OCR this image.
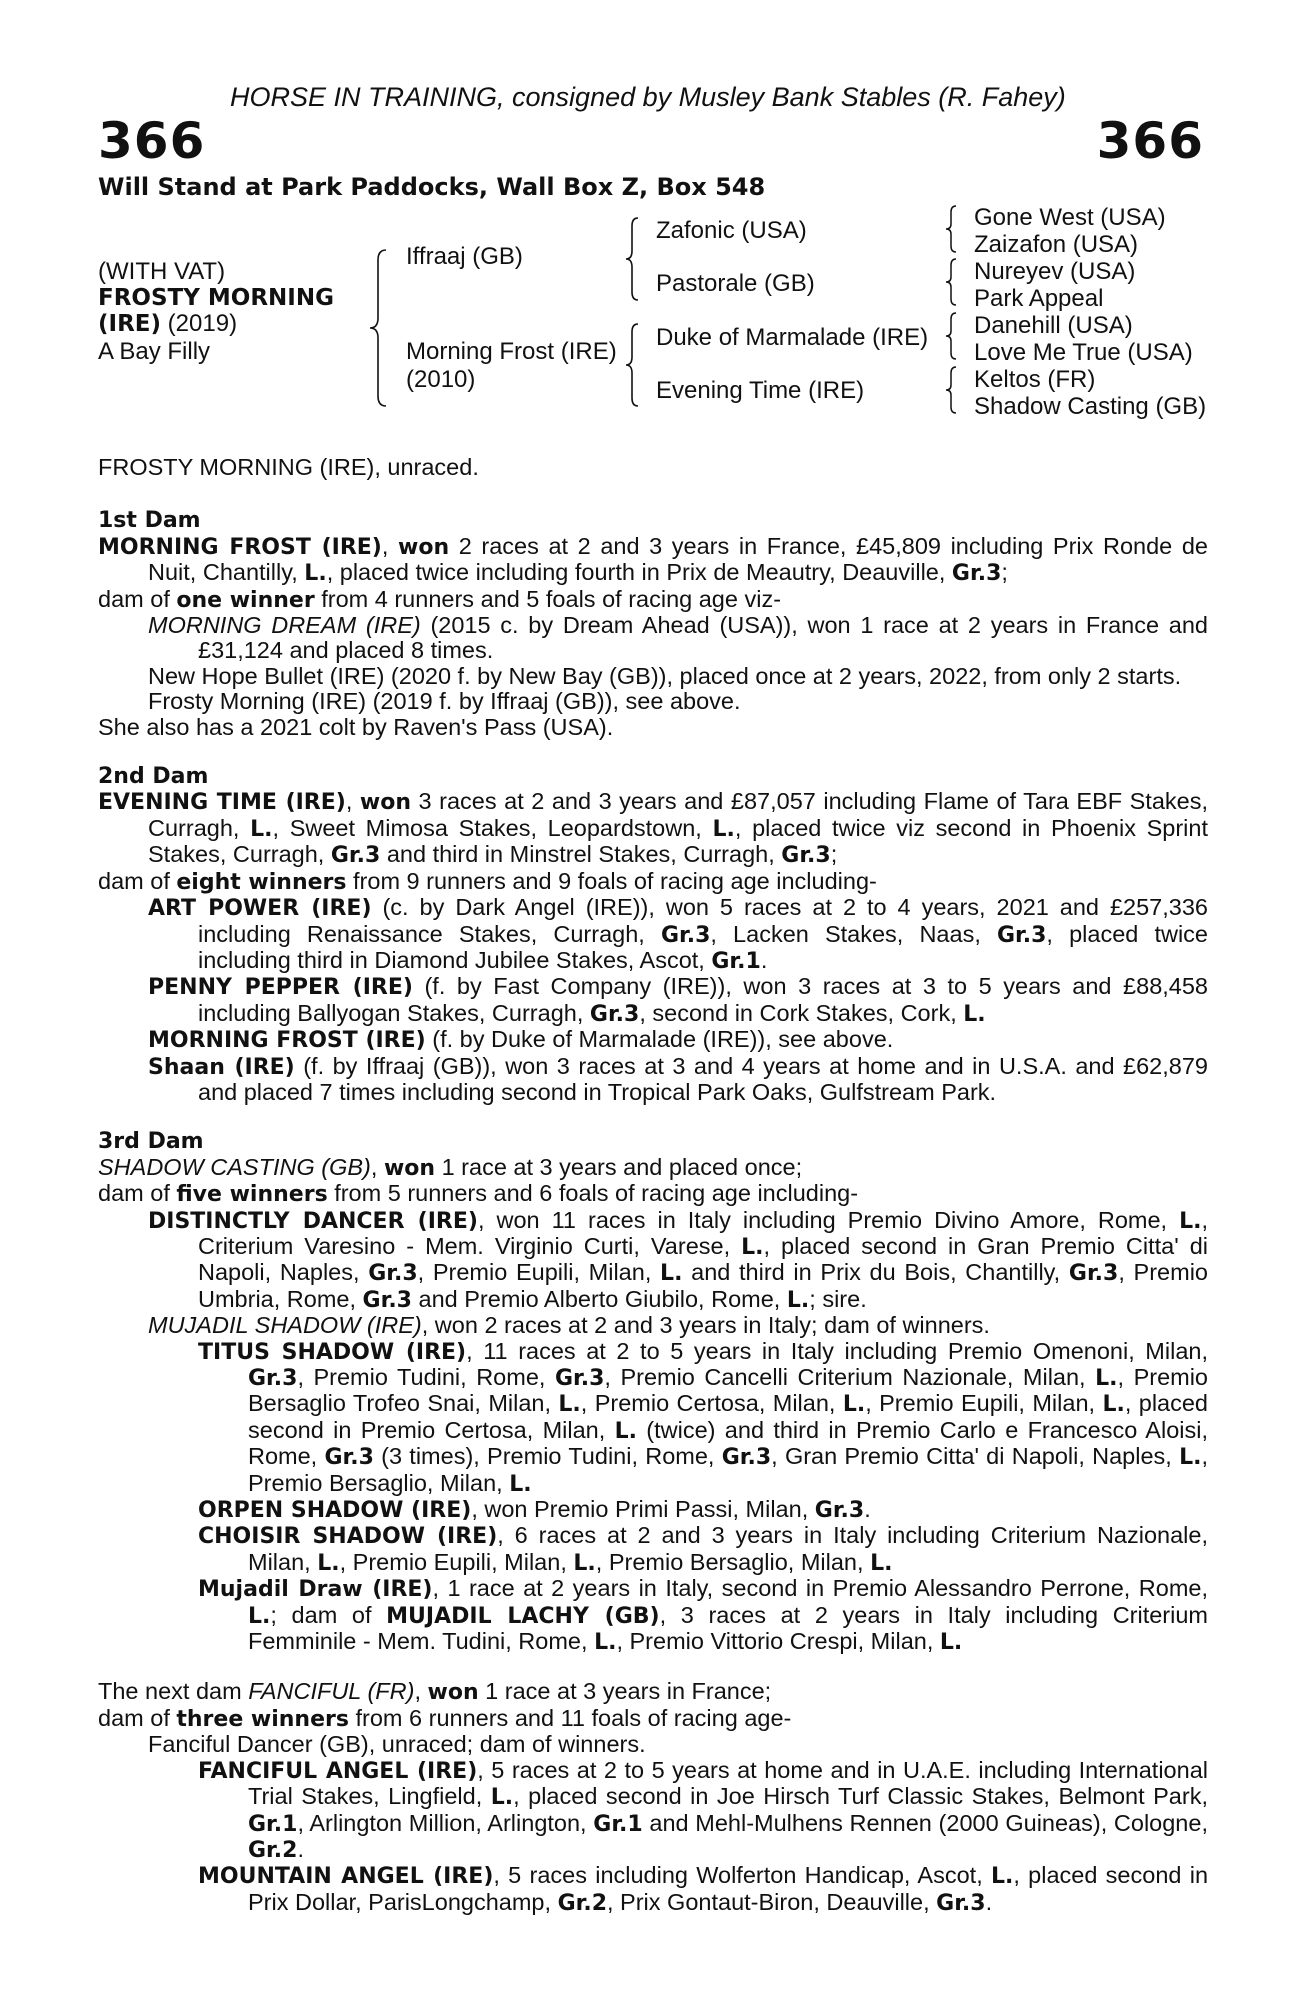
HORSE IN TRAINING, consigned by Musley Bank Stables (R. Fahey)
366	366
Will Stand at Park Paddocks, Wall Box Z, Box 548
(WITH VAT)
FROSTY MORNING
(IRE) (2019)
A Bay Filly
Iffraaj (GB)
Morning Frost (IRE)
(2010)
Zafonic (USA)
Pastorale (GB)
Duke of Marmalade (IRE)
Evening Time (IRE)
Gone West (USA)
Zaizafon (USA)
Nureyev (USA)
Park Appeal
Danehill (USA)
Love Me True (USA)
Keltos (FR)
Shadow Casting (GB)

FROSTY MORNING (IRE), unraced.

1st Dam

MORNING FROST (IRE), won 2 races at 2 and 3 years in France, £45,809 including Prix Ronde de Nuit, Chantilly, L., placed twice including fourth in Prix de Meautry, Deauville, Gr.3;

dam of one winner from 4 runners and 5 foals of racing age viz-

MORNING DREAM (IRE) (2015 c. by Dream Ahead (USA)), won 1 race at 2 years in France and £31,124 and placed 8 times.

New Hope Bullet (IRE) (2020 f. by New Bay (GB)), placed once at 2 years, 2022, from only 2 starts.

Frosty Morning (IRE) (2019 f. by Iffraaj (GB)), see above.

She also has a 2021 colt by Raven's Pass (USA).

2nd Dam

EVENING TIME (IRE), won 3 races at 2 and 3 years and £87,057 including Flame of Tara EBF Stakes, Curragh, L., Sweet Mimosa Stakes, Leopardstown, L., placed twice viz second in Phoenix Sprint Stakes, Curragh, Gr.3 and third in Minstrel Stakes, Curragh, Gr.3;

dam of eight winners from 9 runners and 9 foals of racing age including-

ART POWER (IRE) (c. by Dark Angel (IRE)), won 5 races at 2 to 4 years, 2021 and £257,336 including Renaissance Stakes, Curragh, Gr.3, Lacken Stakes, Naas, Gr.3, placed twice including third in Diamond Jubilee Stakes, Ascot, Gr.1.

PENNY PEPPER (IRE) (f. by Fast Company (IRE)), won 3 races at 3 to 5 years and £88,458 including Ballyogan Stakes, Curragh, Gr.3, second in Cork Stakes, Cork, L.

MORNING FROST (IRE) (f. by Duke of Marmalade (IRE)), see above.

Shaan (IRE) (f. by Iffraaj (GB)), won 3 races at 3 and 4 years at home and in U.S.A. and £62,879 and placed 7 times including second in Tropical Park Oaks, Gulfstream Park.

3rd Dam

SHADOW CASTING (GB), won 1 race at 3 years and placed once;

dam of five winners from 5 runners and 6 foals of racing age including-

DISTINCTLY DANCER (IRE), won 11 races in Italy including Premio Divino Amore, Rome, L., Criterium Varesino - Mem. Virginio Curti, Varese, L., placed second in Gran Premio Citta' di Napoli, Naples, Gr.3, Premio Eupili, Milan, L. and third in Prix du Bois, Chantilly, Gr.3, Premio Umbria, Rome, Gr.3 and Premio Alberto Giubilo, Rome, L.; sire.

MUJADIL SHADOW (IRE), won 2 races at 2 and 3 years in Italy; dam of winners.

TITUS SHADOW (IRE), 11 races at 2 to 5 years in Italy including Premio Omenoni, Milan, Gr.3, Premio Tudini, Rome, Gr.3, Premio Cancelli Criterium Nazionale, Milan, L., Premio Bersaglio Trofeo Snai, Milan, L., Premio Certosa, Milan, L., Premio Eupili, Milan, L., placed second in Premio Certosa, Milan, L. (twice) and third in Premio Carlo e Francesco Aloisi, Rome, Gr.3 (3 times), Premio Tudini, Rome, Gr.3, Gran Premio Citta' di Napoli, Naples, L., Premio Bersaglio, Milan, L.

ORPEN SHADOW (IRE), won Premio Primi Passi, Milan, Gr.3.

CHOISIR SHADOW (IRE), 6 races at 2 and 3 years in Italy including Criterium Nazionale, Milan, L., Premio Eupili, Milan, L., Premio Bersaglio, Milan, L.

Mujadil Draw (IRE), 1 race at 2 years in Italy, second in Premio Alessandro Perrone, Rome, L.; dam of MUJADIL LACHY (GB), 3 races at 2 years in Italy including Criterium Femminile - Mem. Tudini, Rome, L., Premio Vittorio Crespi, Milan, L.

The next dam FANCIFUL (FR), won 1 race at 3 years in France;

dam of three winners from 6 runners and 11 foals of racing age-

Fanciful Dancer (GB), unraced; dam of winners.

FANCIFUL ANGEL (IRE), 5 races at 2 to 5 years at home and in U.A.E. including International Trial Stakes, Lingfield, L., placed second in Joe Hirsch Turf Classic Stakes, Belmont Park, Gr.1, Arlington Million, Arlington, Gr.1 and Mehl-Mulhens Rennen (2000 Guineas), Cologne, Gr.2.

MOUNTAIN ANGEL (IRE), 5 races including Wolferton Handicap, Ascot, L., placed second in Prix Dollar, ParisLongchamp, Gr.2, Prix Gontaut-Biron, Deauville, Gr.3.
